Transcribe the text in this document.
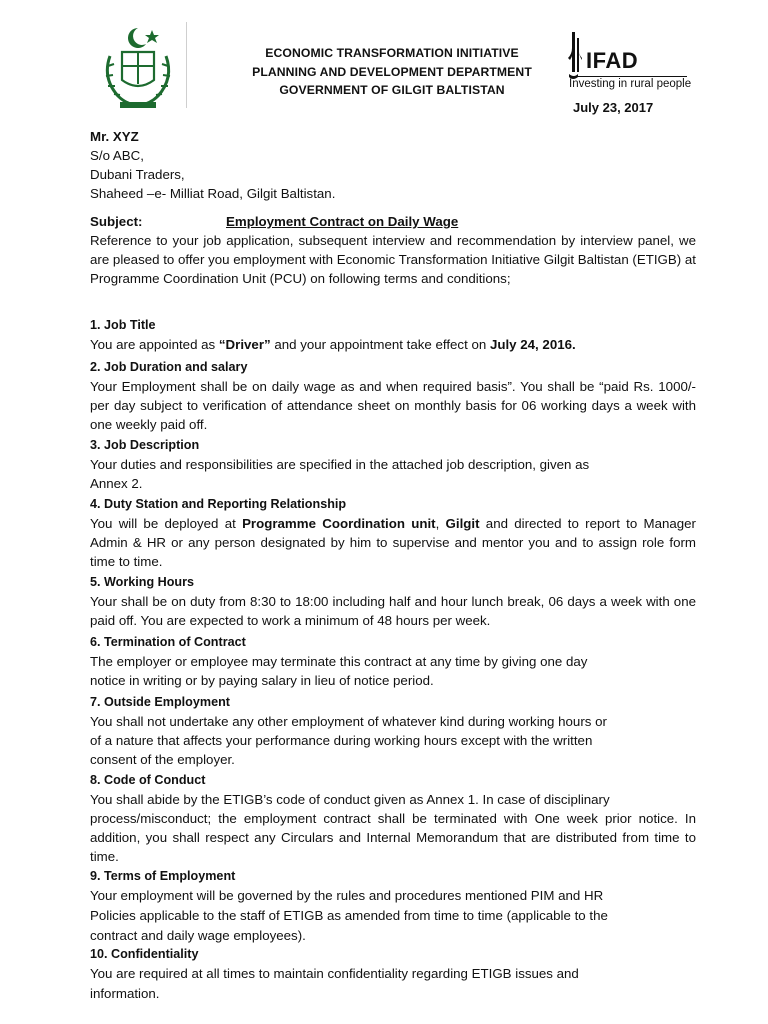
ECONOMIC TRANSFORMATION INITIATIVE
PLANNING AND DEVELOPMENT DEPARTMENT
GOVERNMENT OF GILGIT BALTISTAN
IFAD
Investing in rural people
July 23, 2017
Mr. XYZ
S/o ABC,
Dubani Traders,
Shaheed –e- Milliat Road, Gilgit Baltistan.
Subject:	Employment Contract on Daily Wage
Reference to your job application, subsequent interview and recommendation by interview panel, we are pleased to offer you employment with Economic Transformation Initiative Gilgit Baltistan (ETIGB) at Programme Coordination Unit (PCU) on following terms and conditions;
1. Job Title
You are appointed as “Driver” and your appointment take effect on July 24, 2016.
2. Job Duration and salary
Your Employment shall be on daily wage as and when required basis”. You shall be “paid Rs. 1000/- per day subject to verification of attendance sheet on monthly basis for 06 working days a week with one weekly paid off.
3. Job Description
Your duties and responsibilities are specified in the attached job description, given as
Annex 2.
4. Duty Station and Reporting Relationship
You will be deployed at Programme Coordination unit, Gilgit and directed to report to Manager Admin & HR or any person designated by him to supervise and mentor you and to assign role form time to time.
5. Working Hours
Your shall be on duty from 8:30 to 18:00 including half and hour lunch break, 06 days a week with one paid off. You are expected to work a minimum of 48 hours per week.
6. Termination of Contract
The employer or employee may terminate this contract at any time by giving one day
notice in writing or by paying salary in lieu of notice period.
7. Outside Employment
You shall not undertake any other employment of whatever kind during working hours or
of a nature that affects your performance during working hours except with the written
consent of the employer.
8. Code of Conduct
You shall abide by the ETIGB’s code of conduct given as Annex 1. In case of disciplinary
process/misconduct; the employment contract shall be terminated with One week prior notice. In addition, you shall respect any Circulars and Internal Memorandum that are distributed from time to time.
9. Terms of Employment
Your employment will be governed by the rules and procedures mentioned PIM and HR
Policies applicable to the staff of ETIGB as amended from time to time (applicable to the
contract and daily wage employees).
10. Confidentiality
You are required at all times to maintain confidentiality regarding ETIGB issues and
information.
